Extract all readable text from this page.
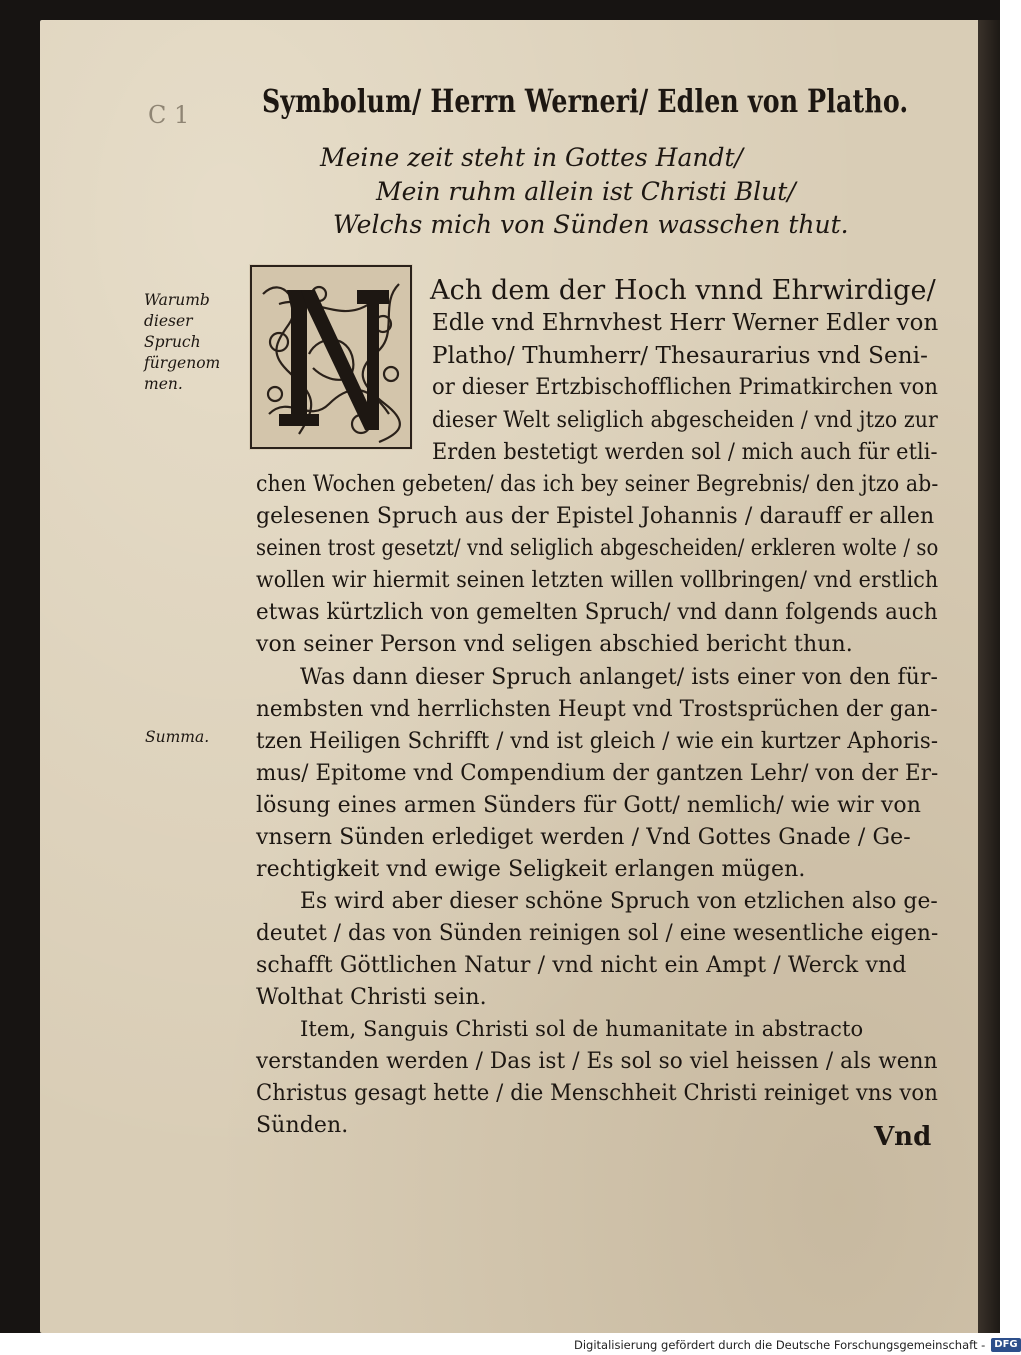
C 1 Symbolum/ Herrn Werneri/ Edlen von Platho.
Meine zeit steht in Gottes Handt/
Mein ruhm allein ist Christi Blut/
Welchs mich von Sünden wasschen thut.
Warumb dieser Spruch fürgenom men.
Summa.
N
Ach dem der Hoch vnnd Ehrwirdige/
Edle vnd Ehrnvhest Herr Werner Edler von
Platho/ Thumherr/ Thesaurarius vnd Seni-
or dieser Ertzbischofflichen Primatkirchen von
dieser Welt seliglich abgescheiden / vnd jtzo zur
Erden bestetigt werden sol / mich auch für etli-
chen Wochen gebeten/ das ich bey seiner Begrebnis/ den jtzo ab-
gelesenen Spruch aus der Epistel Johannis / darauff er allen
seinen trost gesetzt/ vnd seliglich abgescheiden/ erkleren wolte / so
wollen wir hiermit seinen letzten willen vollbringen/ vnd erstlich
etwas kürtzlich von gemelten Spruch/ vnd dann folgends auch
von seiner Person vnd seligen abschied bericht thun.
Was dann dieser Spruch anlanget/ ists einer von den für-
nembsten vnd herrlichsten Heupt vnd Trostsprüchen der gan-
tzen Heiligen Schrifft / vnd ist gleich / wie ein kurtzer Aphoris-
mus/ Epitome vnd Compendium der gantzen Lehr/ von der Er-
lösung eines armen Sünders für Gott/ nemlich/ wie wir von
vnsern Sünden erlediget werden / Vnd Gottes Gnade / Ge-
rechtigkeit vnd ewige Seligkeit erlangen mügen.
Es wird aber dieser schöne Spruch von etzlichen also ge-
deutet / das von Sünden reinigen sol / eine wesentliche eigen-
schafft Göttlichen Natur / vnd nicht ein Ampt / Werck vnd
Wolthat Christi sein.
Item, Sanguis Christi sol de humanitate in abstracto
verstanden werden / Das ist / Es sol so viel heissen / als wenn
Christus gesagt hette / die Menschheit Christi reiniget vns von
Sünden.	Vnd
Digitalisierung gefördert durch die Deutsche Forschungsgemeinschaft - DFG
